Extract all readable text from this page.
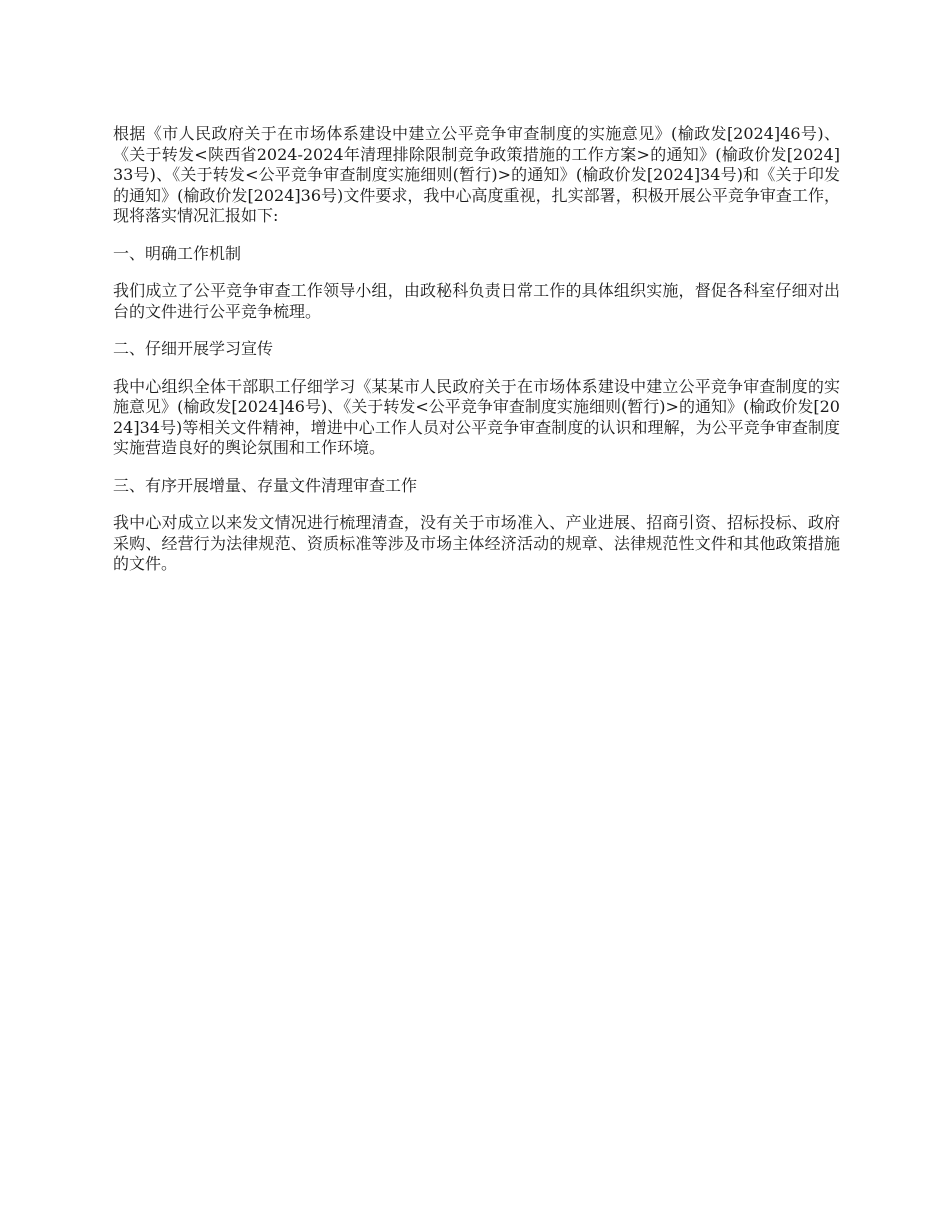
根据《市人民政府关于在市场体系建设中建立公平竞争审查制度的实施意见》(榆政发[2024]46号)、《关于转发<陕西省2024-2024年清理排除限制竞争政策措施的工作方案>的通知》(榆政价发[2024]33号)、《关于转发<公平竞争审查制度实施细则(暂行)>的通知》(榆政价发[2024]34号)和《关于印发的通知》(榆政价发[2024]36号)文件要求，我中心高度重视，扎实部署，积极开展公平竞争审查工作，现将落实情况汇报如下:

一、明确工作机制

我们成立了公平竞争审查工作领导小组，由政秘科负责日常工作的具体组织实施，督促各科室仔细对出台的文件进行公平竞争梳理。

二、仔细开展学习宣传

我中心组织全体干部职工仔细学习《某某市人民政府关于在市场体系建设中建立公平竞争审查制度的实施意见》(榆政发[2024]46号)、《关于转发<公平竞争审查制度实施细则(暂行)>的通知》(榆政价发[2024]34号)等相关文件精神，增进中心工作人员对公平竞争审查制度的认识和理解，为公平竞争审查制度实施营造良好的舆论氛围和工作环境。

三、有序开展增量、存量文件清理审查工作

我中心对成立以来发文情况进行梳理清查，没有关于市场准入、产业进展、招商引资、招标投标、政府采购、经营行为法律规范、资质标准等涉及市场主体经济活动的规章、法律规范性文件和其他政策措施的文件。
